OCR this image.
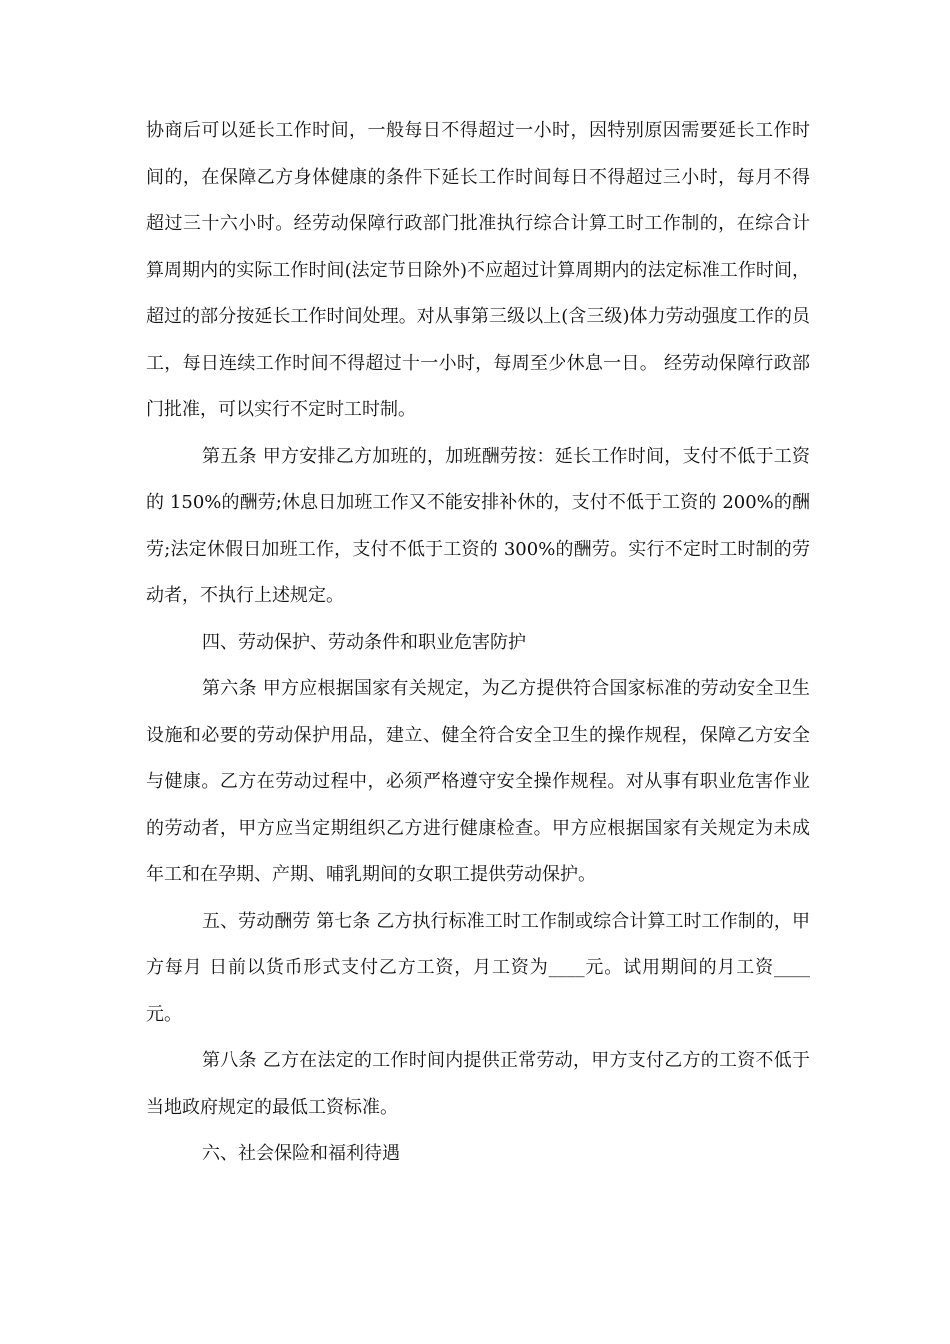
协商后可以延长工作时间，一般每日不得超过一小时，因特别原因需要延长工作时间的，在保障乙方身体健康的条件下延长工作时间每日不得超过三小时，每月不得超过三十六小时。经劳动保障行政部门批准执行综合计算工时工作制的，在综合计算周期内的实际工作时间(法定节日除外)不应超过计算周期内的法定标准工作时间，超过的部分按延长工作时间处理。对从事第三级以上(含三级)体力劳动强度工作的员工，每日连续工作时间不得超过十一小时，每周至少休息一日。 经劳动保障行政部门批准，可以实行不定时工时制。

第五条 甲方安排乙方加班的，加班酬劳按：延长工作时间，支付不低于工资的 150%的酬劳;休息日加班工作又不能安排补休的，支付不低于工资的 200%的酬劳;法定休假日加班工作，支付不低于工资的 300%的酬劳。实行不定时工时制的劳动者，不执行上述规定。

四、劳动保护、劳动条件和职业危害防护

第六条 甲方应根据国家有关规定，为乙方提供符合国家标准的劳动安全卫生设施和必要的劳动保护用品，建立、健全符合安全卫生的操作规程，保障乙方安全与健康。乙方在劳动过程中，必须严格遵守安全操作规程。对从事有职业危害作业的劳动者，甲方应当定期组织乙方进行健康检查。甲方应根据国家有关规定为未成年工和在孕期、产期、哺乳期间的女职工提供劳动保护。

五、劳动酬劳 第七条 乙方执行标准工时工作制或综合计算工时工作制的，甲方每月 日前以货币形式支付乙方工资，月工资为____元。试用期间的月工资____元。

第八条 乙方在法定的工作时间内提供正常劳动，甲方支付乙方的工资不低于当地政府规定的最低工资标准。

六、社会保险和福利待遇
